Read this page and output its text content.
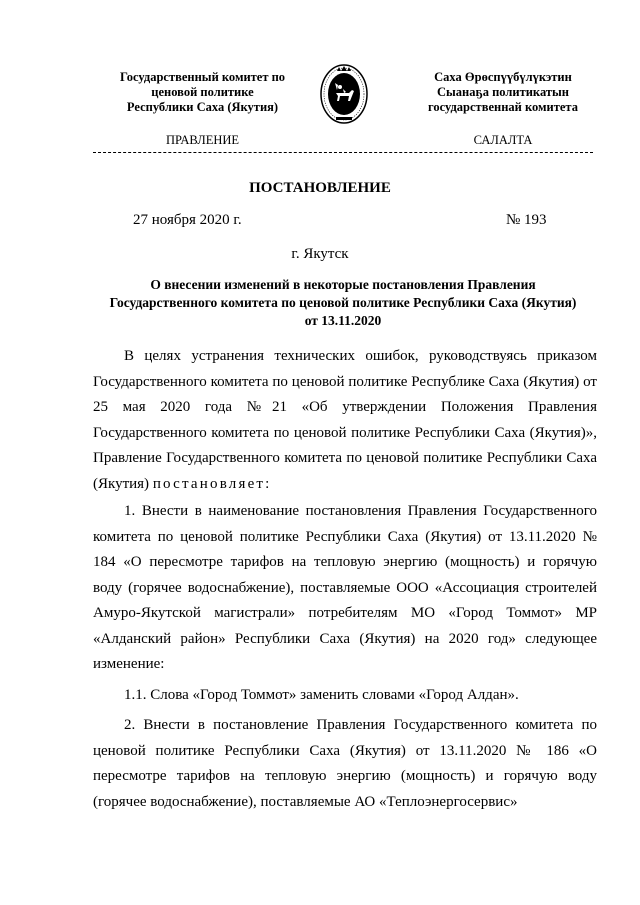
Государственный комитет по
ценовой политике
Республики Саха (Якутия)
Саха Өрөспүүбүлүкэтин
Сыанаҕа политикатын
государственнай комитета
ПРАВЛЕНИЕ	САЛАЛТА
ПОСТАНОВЛЕНИЕ
27 ноября 2020 г.	№ 193
г. Якутск
О внесении изменений в некоторые постановления Правления
Государственного комитета по ценовой политике Республики Саха (Якутия)
от 13.11.2020

В целях устранения технических ошибок, руководствуясь приказом Государственного комитета по ценовой политике Республике Саха (Якутия) от 25 мая 2020 года №21 «Об утверждении Положения Правления Государственного комитета по ценовой политике Республики Саха (Якутия)», Правление Государственного комитета по ценовой политике Республики Саха (Якутия) постановляет:

1. Внести в наименование постановления Правления Государственного комитета по ценовой политике Республики Саха (Якутия) от 13.11.2020 № 184 «О пересмотре тарифов на тепловую энергию (мощность) и горячую воду (горячее водоснабжение), поставляемые ООО «Ассоциация строителей Амуро-Якутской магистрали» потребителям МО «Город Томмот» МР «Алданский район» Республики Саха (Якутия) на 2020 год» следующее изменение:

1.1. Слова «Город Томмот» заменить словами «Город Алдан».

2. Внести в постановление Правления Государственного комитета по ценовой политике Республики Саха (Якутия) от 13.11.2020 № 186 «О пересмотре тарифов на тепловую энергию (мощность) и горячую воду (горячее водоснабжение), поставляемые АО «Теплоэнергосервис»
